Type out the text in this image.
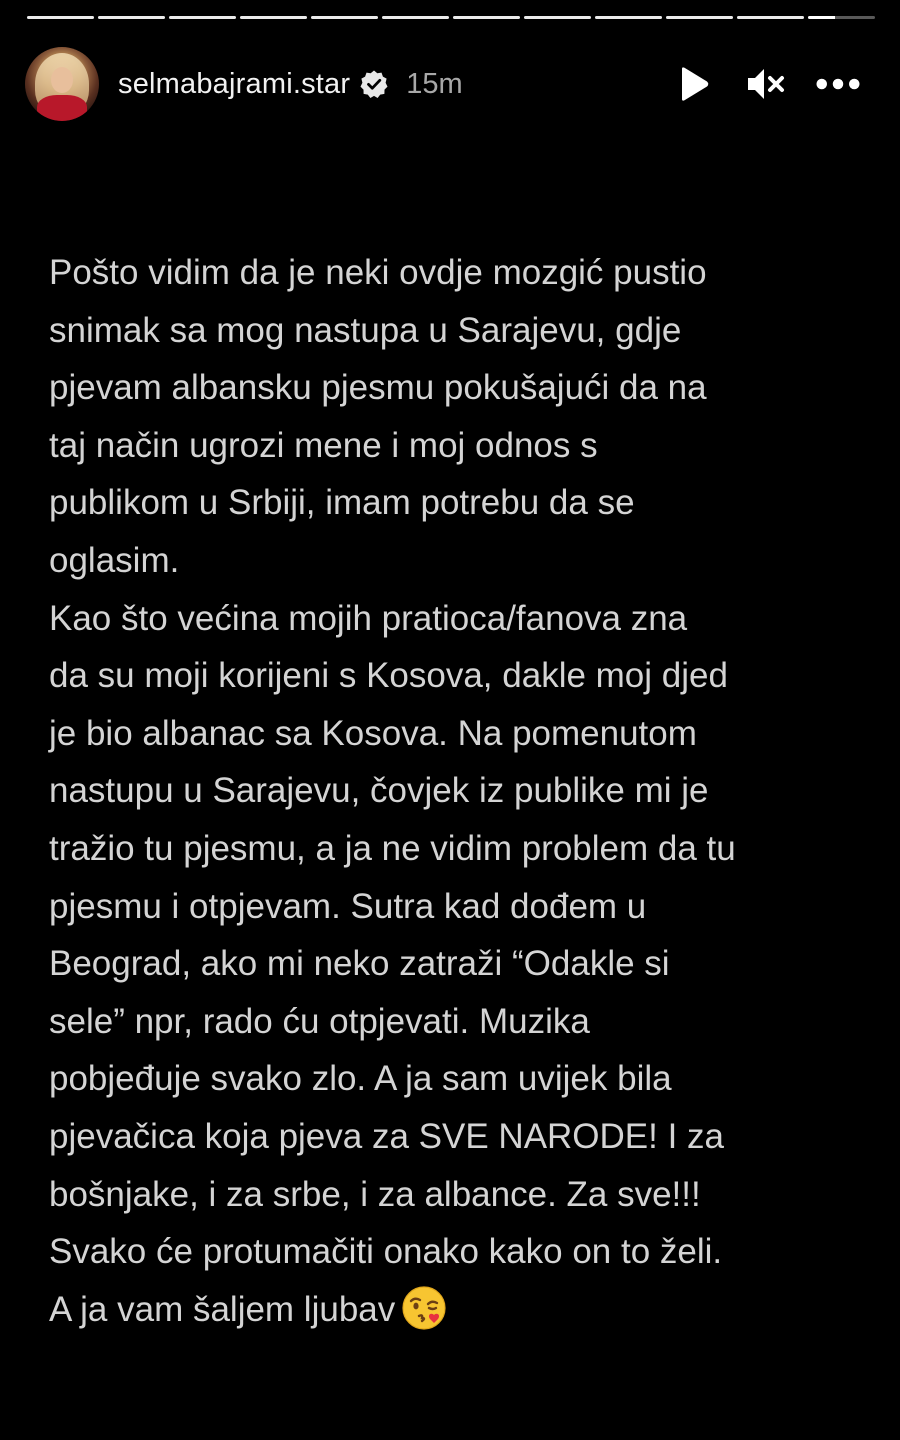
selmabajrami.star 15m

Pošto vidim da je neki ovdje mozgić pustio
snimak sa mog nastupa u Sarajevu, gdje
pjevam albansku pjesmu pokušajući da na
taj način ugrozi mene i moj odnos s
publikom u Srbiji, imam potrebu da se
oglasim.
Kao što većina mojih pratioca/fanova zna
da su moji korijeni s Kosova, dakle moj djed
je bio albanac sa Kosova. Na pomenutom
nastupu u Sarajevu, čovjek iz publike mi je
tražio tu pjesmu, a ja ne vidim problem da tu
pjesmu i otpjevam. Sutra kad dođem u
Beograd, ako mi neko zatraži “Odakle si
sele” npr, rado ću otpjevati. Muzika
pobjeđuje svako zlo. A ja sam uvijek bila
pjevačica koja pjeva za SVE NARODE! I za
bošnjake, i za srbe, i za albance. Za sve!!!
Svako će protumačiti onako kako on to želi.
A ja vam šaljem ljubav
